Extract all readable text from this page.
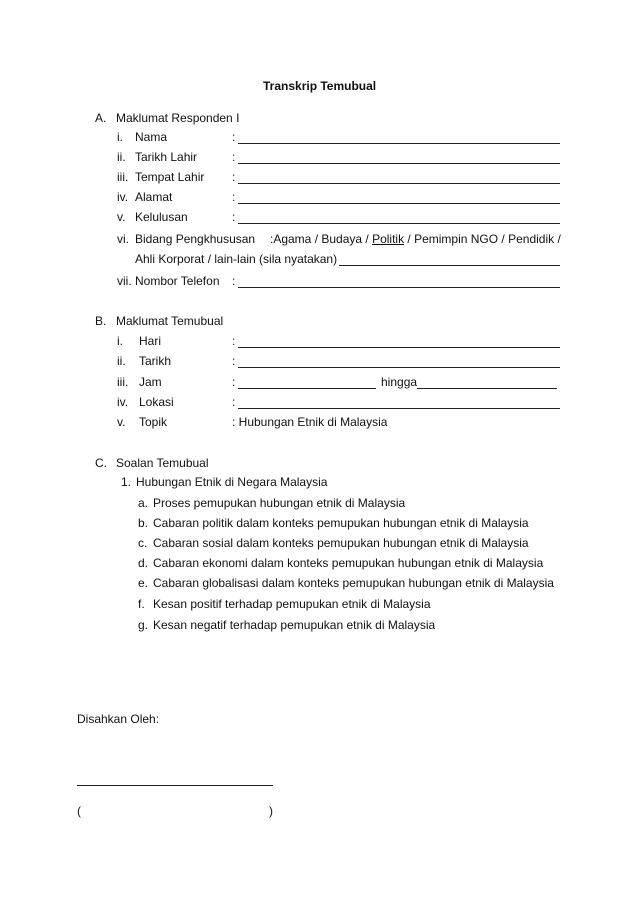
Transkrip Temubual
A. Maklumat Responden I
i. Nama	:
ii. Tarikh Lahir	:
iii. Tempat Lahir :
iv. Alamat	:
v. Kelulusan	:
vi. Bidang Pengkhususan :Agama / Budaya / Politik / Pemimpin NGO / Pendidik /
Ahli Korporat / lain-lain (sila nyatakan)
vii. Nombor Telefon :
B. Maklumat Temubual
i. Hari	:
ii. Tarikh	:
iii. Jam	:	hingga
iv. Lokasi	:
v. Topik	: Hubungan Etnik di Malaysia
C. Soalan Temubual
1. Hubungan Etnik di Negara Malaysia
a. Proses pemupukan hubungan etnik di Malaysia
b. Cabaran politik dalam konteks pemupukan hubungan etnik di Malaysia
c. Cabaran sosial dalam konteks pemupukan hubungan etnik di Malaysia
d. Cabaran ekonomi dalam konteks pemupukan hubungan etnik di Malaysia
e. Cabaran globalisasi dalam konteks pemupukan hubungan etnik di Malaysia
f. Kesan positif terhadap pemupukan etnik di Malaysia
g. Kesan negatif terhadap pemupukan etnik di Malaysia
Disahkan Oleh:
(	)
